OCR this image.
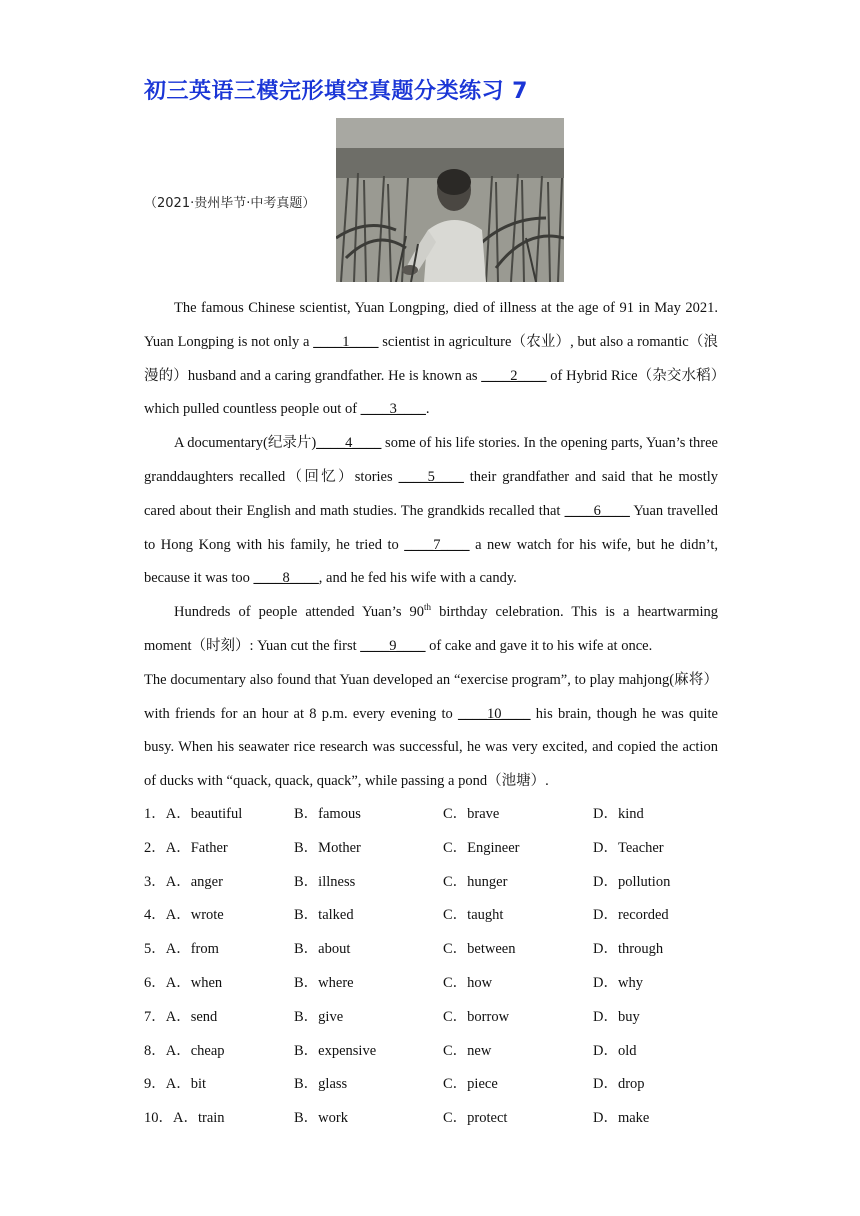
初三英语三模完形填空真题分类练习 7
（2021·贵州毕节·中考真题）

The famous Chinese scientist, Yuan Longping, died of illness at the age of 91 in May 2021. Yuan Longping is not only a ____1____ scientist in agriculture（农业）, but also a romantic（浪漫的）husband and a caring grandfather. He is known as ____2____ of Hybrid Rice（杂交水稻）which pulled countless people out of ____3____.

A documentary(纪录片)____4____ some of his life stories. In the opening parts, Yuan’s three granddaughters recalled（回忆）stories ____5____ their grandfather and said that he mostly cared about their English and math studies. The grandkids recalled that ____6____ Yuan travelled to Hong Kong with his family, he tried to ____7____ a new watch for his wife, but he didn’t, because it was too ____8____, and he fed his wife with a candy.

Hundreds of people attended Yuan’s 90th birthday celebration. This is a heartwarming moment（时刻）: Yuan cut the first ____9____ of cake and gave it to his wife at once.

The documentary also found that Yuan developed an “exercise program”, to play mahjong(麻将）with friends for an hour at 8 p.m. every evening to ____10____ his brain, though he was quite busy. When his seawater rice research was successful, he was very excited, and copied the action of ducks with “quack, quack, quack”, while passing a pond（池塘）.

1．A．beautiful	B．famous	C．brave	D．kind
2．A．Father	B．Mother	C．Engineer	D．Teacher
3．A．anger	B．illness	C．hunger	D．pollution
4．A．wrote	B．talked	C．taught	D．recorded
5．A．from	B．about	C．between	D．through
6．A．when	B．where	C．how	D．why
7．A．send	B．give	C．borrow	D．buy
8．A．cheap	B．expensive	C．new	D．old
9．A．bit	B．glass	C．piece	D．drop
10．A．train	B．work	C．protect	D．make
